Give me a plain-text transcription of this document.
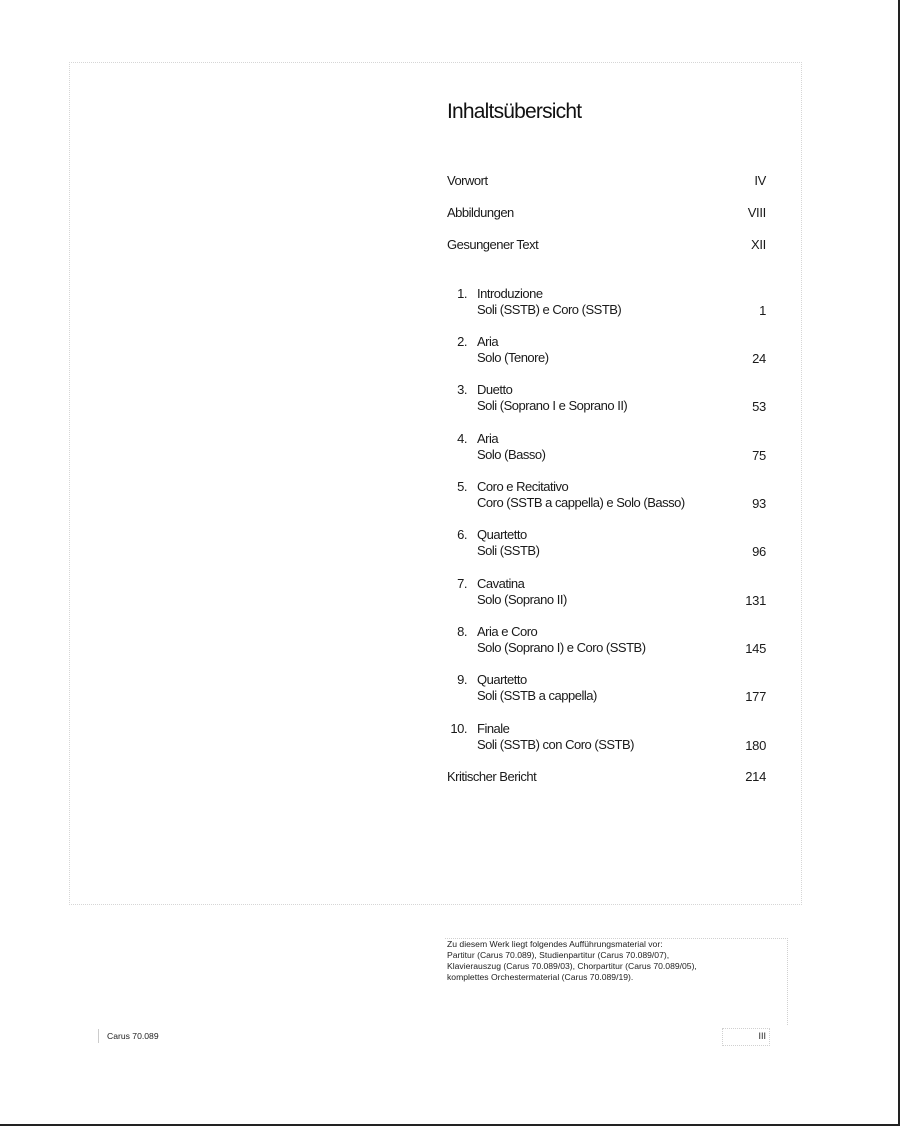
Inhaltsübersicht
Vorwort	IV
Abbildungen	VIII
Gesungener Text	XII
1. Introduzione
Soli (SSTB) e Coro (SSTB)	1
2. Aria
Solo (Tenore)	24
3. Duetto
Soli (Soprano I e Soprano II)	53
4. Aria
Solo (Basso)	75
5. Coro e Recitativo
Coro (SSTB a cappella) e Solo (Basso)	93
6. Quartetto
Soli (SSTB)	96
7. Cavatina
Solo (Soprano II)	131
8. Aria e Coro
Solo (Soprano I) e Coro (SSTB)	145
9. Quartetto
Soli (SSTB a cappella)	177
10. Finale
Soli (SSTB) con Coro (SSTB)	180
Kritischer Bericht	214
Zu diesem Werk liegt folgendes Aufführungsmaterial vor:
Partitur (Carus 70.089), Studienpartitur (Carus 70.089/07),
Klavierauszug (Carus 70.089/03), Chorpartitur (Carus 70.089/05),
komplettes Orchestermaterial (Carus 70.089/19).
Carus 70.089	III
